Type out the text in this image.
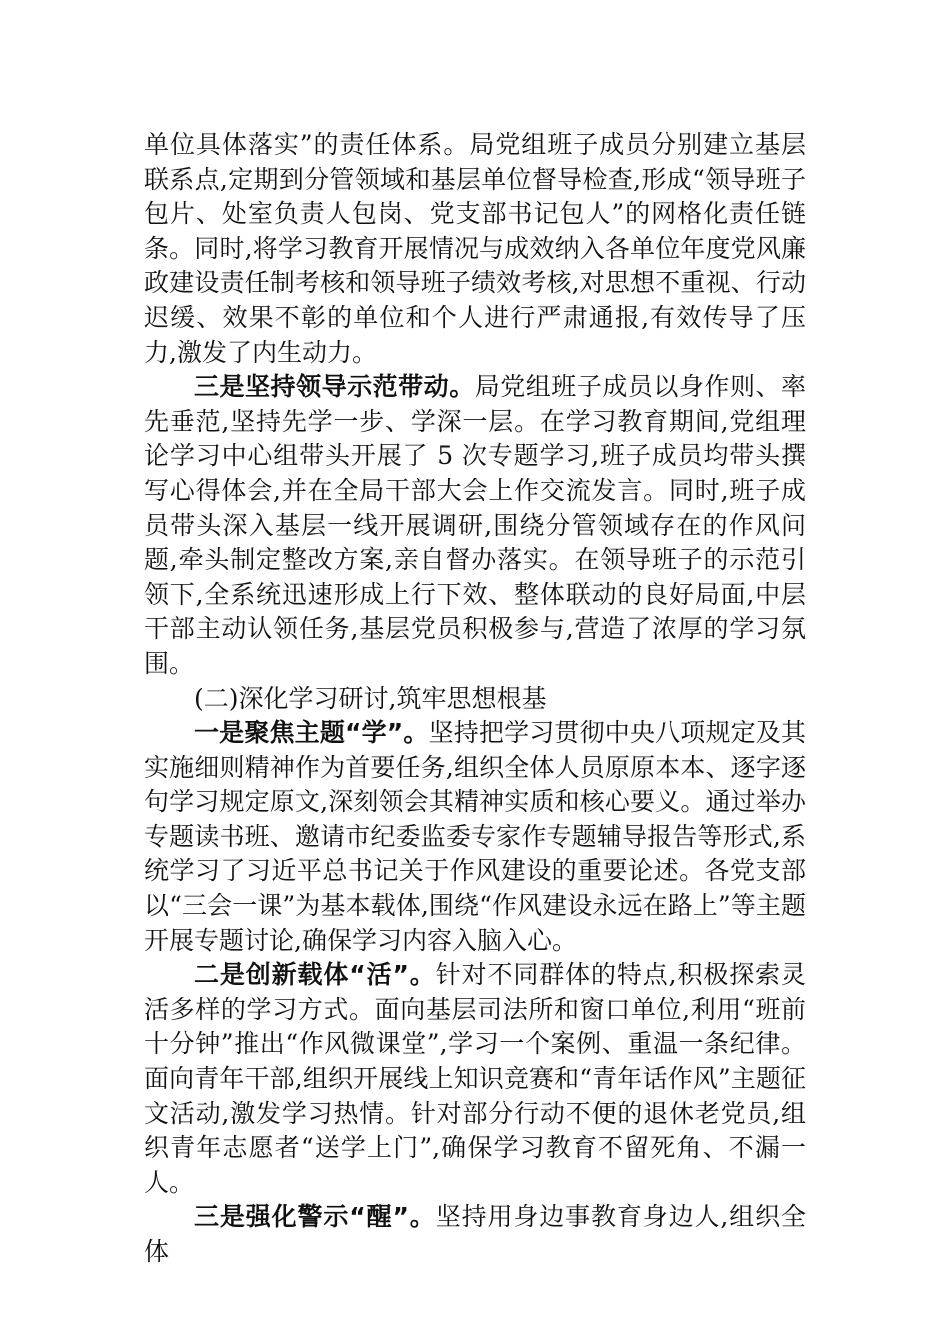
单位具体落实”的责任体系。局党组班子成员分别建立基层联系点,定期到分管领域和基层单位督导检查,形成“领导班子包片、处室负责人包岗、党支部书记包人”的网格化责任链条。同时,将学习教育开展情况与成效纳入各单位年度党风廉政建设责任制考核和领导班子绩效考核,对思想不重视、行动迟缓、效果不彰的单位和个人进行严肃通报,有效传导了压力,激发了内生动力。

三是坚持领导示范带动。局党组班子成员以身作则、率先垂范,坚持先学一步、学深一层。在学习教育期间,党组理论学习中心组带头开展了 5 次专题学习,班子成员均带头撰写心得体会,并在全局干部大会上作交流发言。同时,班子成员带头深入基层一线开展调研,围绕分管领域存在的作风问题,牵头制定整改方案,亲自督办落实。在领导班子的示范引领下,全系统迅速形成上行下效、整体联动的良好局面,中层干部主动认领任务,基层党员积极参与,营造了浓厚的学习氛围。

(二)深化学习研讨,筑牢思想根基

一是聚焦主题“学”。坚持把学习贯彻中央八项规定及其实施细则精神作为首要任务,组织全体人员原原本本、逐字逐句学习规定原文,深刻领会其精神实质和核心要义。通过举办专题读书班、邀请市纪委监委专家作专题辅导报告等形式,系统学习了习近平总书记关于作风建设的重要论述。各党支部以“三会一课”为基本载体,围绕“作风建设永远在路上”等主题开展专题讨论,确保学习内容入脑入心。

二是创新载体“活”。针对不同群体的特点,积极探索灵活多样的学习方式。面向基层司法所和窗口单位,利用“班前十分钟”推出“作风微课堂”,学习一个案例、重温一条纪律。面向青年干部,组织开展线上知识竞赛和“青年话作风”主题征文活动,激发学习热情。针对部分行动不便的退休老党员,组织青年志愿者“送学上门”,确保学习教育不留死角、不漏一人。

三是强化警示“醒”。坚持用身边事教育身边人,组织全体
